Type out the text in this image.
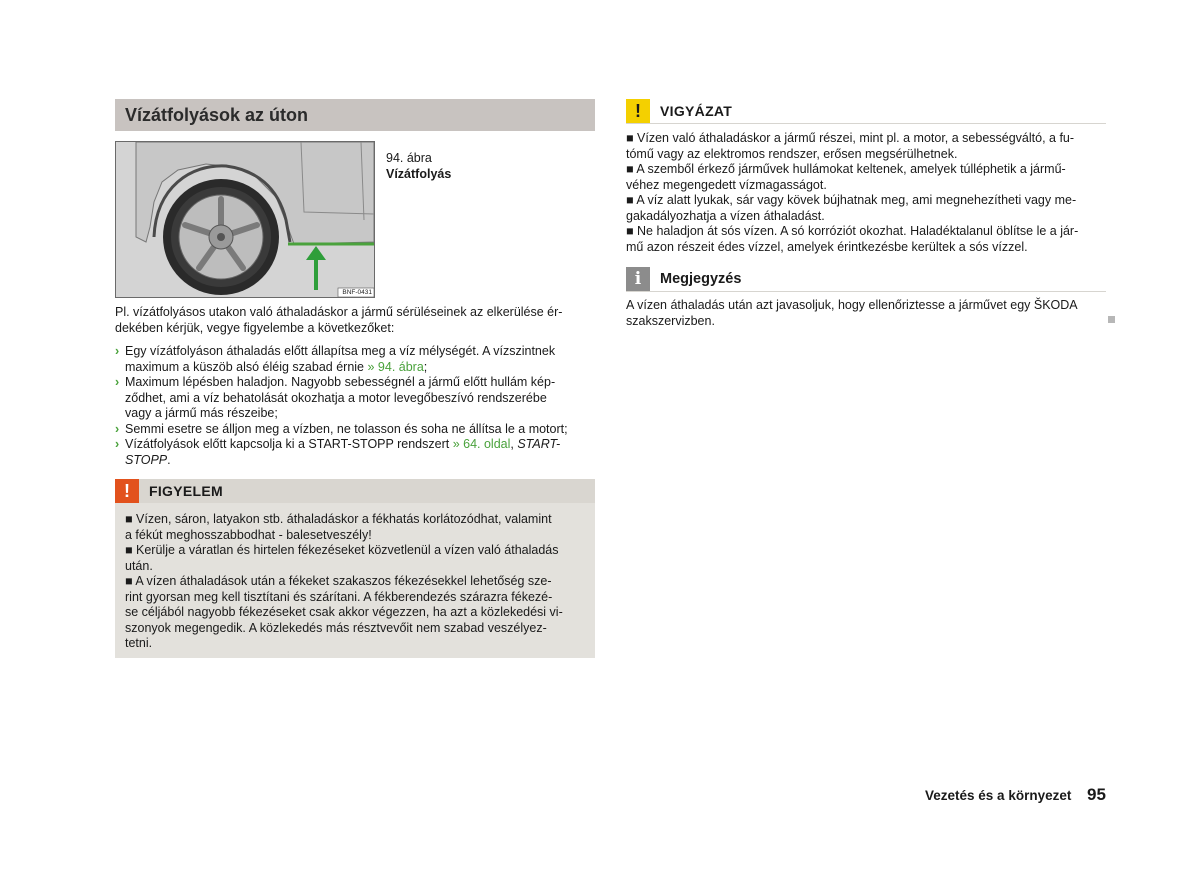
Vízátfolyások az úton
BNF-0431
94. ábra
Vízátfolyás
Pl. vízátfolyásos utakon való áthaladáskor a jármű sérüléseinek az elkerülése ér-
dekében kérjük, vegye figyelembe a következőket:
› Egy vízátfolyáson áthaladás előtt állapítsa meg a víz mélységét. A vízszintnek
maximum a küszöb alsó éléig szabad érnie » 94. ábra;
› Maximum lépésben haladjon. Nagyobb sebességnél a jármű előtt hullám kép-
ződhet, ami a víz behatolását okozhatja a motor levegőbeszívó rendszerébe
vagy a jármű más részeibe;
› Semmi esetre se álljon meg a vízben, ne tolasson és soha ne állítsa le a motort;
› Vízátfolyások előtt kapcsolja ki a START-STOPP rendszert » 64. oldal, START-
STOPP.
!	FIGYELEM
■ Vízen, sáron, latyakon stb. áthaladáskor a fékhatás korlátozódhat, valamint
a fékút meghosszabbodhat - balesetveszély!
■ Kerülje a váratlan és hirtelen fékezéseket közvetlenül a vízen való áthaladás
után.
■ A vízen áthaladások után a fékeket szakaszos fékezésekkel lehetőség sze-
rint gyorsan meg kell tisztítani és szárítani. A fékberendezés szárazra fékezé-
se céljából nagyobb fékezéseket csak akkor végezzen, ha azt a közlekedési vi-
szonyok megengedik. A közlekedés más résztvevőit nem szabad veszélyez-
tetni.
!	VIGYÁZAT
■ Vízen való áthaladáskor a jármű részei, mint pl. a motor, a sebességváltó, a fu-
tómű vagy az elektromos rendszer, erősen megsérülhetnek.
■ A szemből érkező járművek hullámokat keltenek, amelyek túlléphetik a jármű-
véhez megengedett vízmagasságot.
■ A víz alatt lyukak, sár vagy kövek bújhatnak meg, ami megnehezítheti vagy me-
gakadályozhatja a vízen áthaladást.
■ Ne haladjon át sós vízen. A só korróziót okozhat. Haladéktalanul öblítse le a jár-
mű azon részeit édes vízzel, amelyek érintkezésbe kerültek a sós vízzel.
i	Megjegyzés
A vízen áthaladás után azt javasoljuk, hogy ellenőriztesse a járművet egy ŠKODA
szakszervizben.
Vezetés és a környezet 95
